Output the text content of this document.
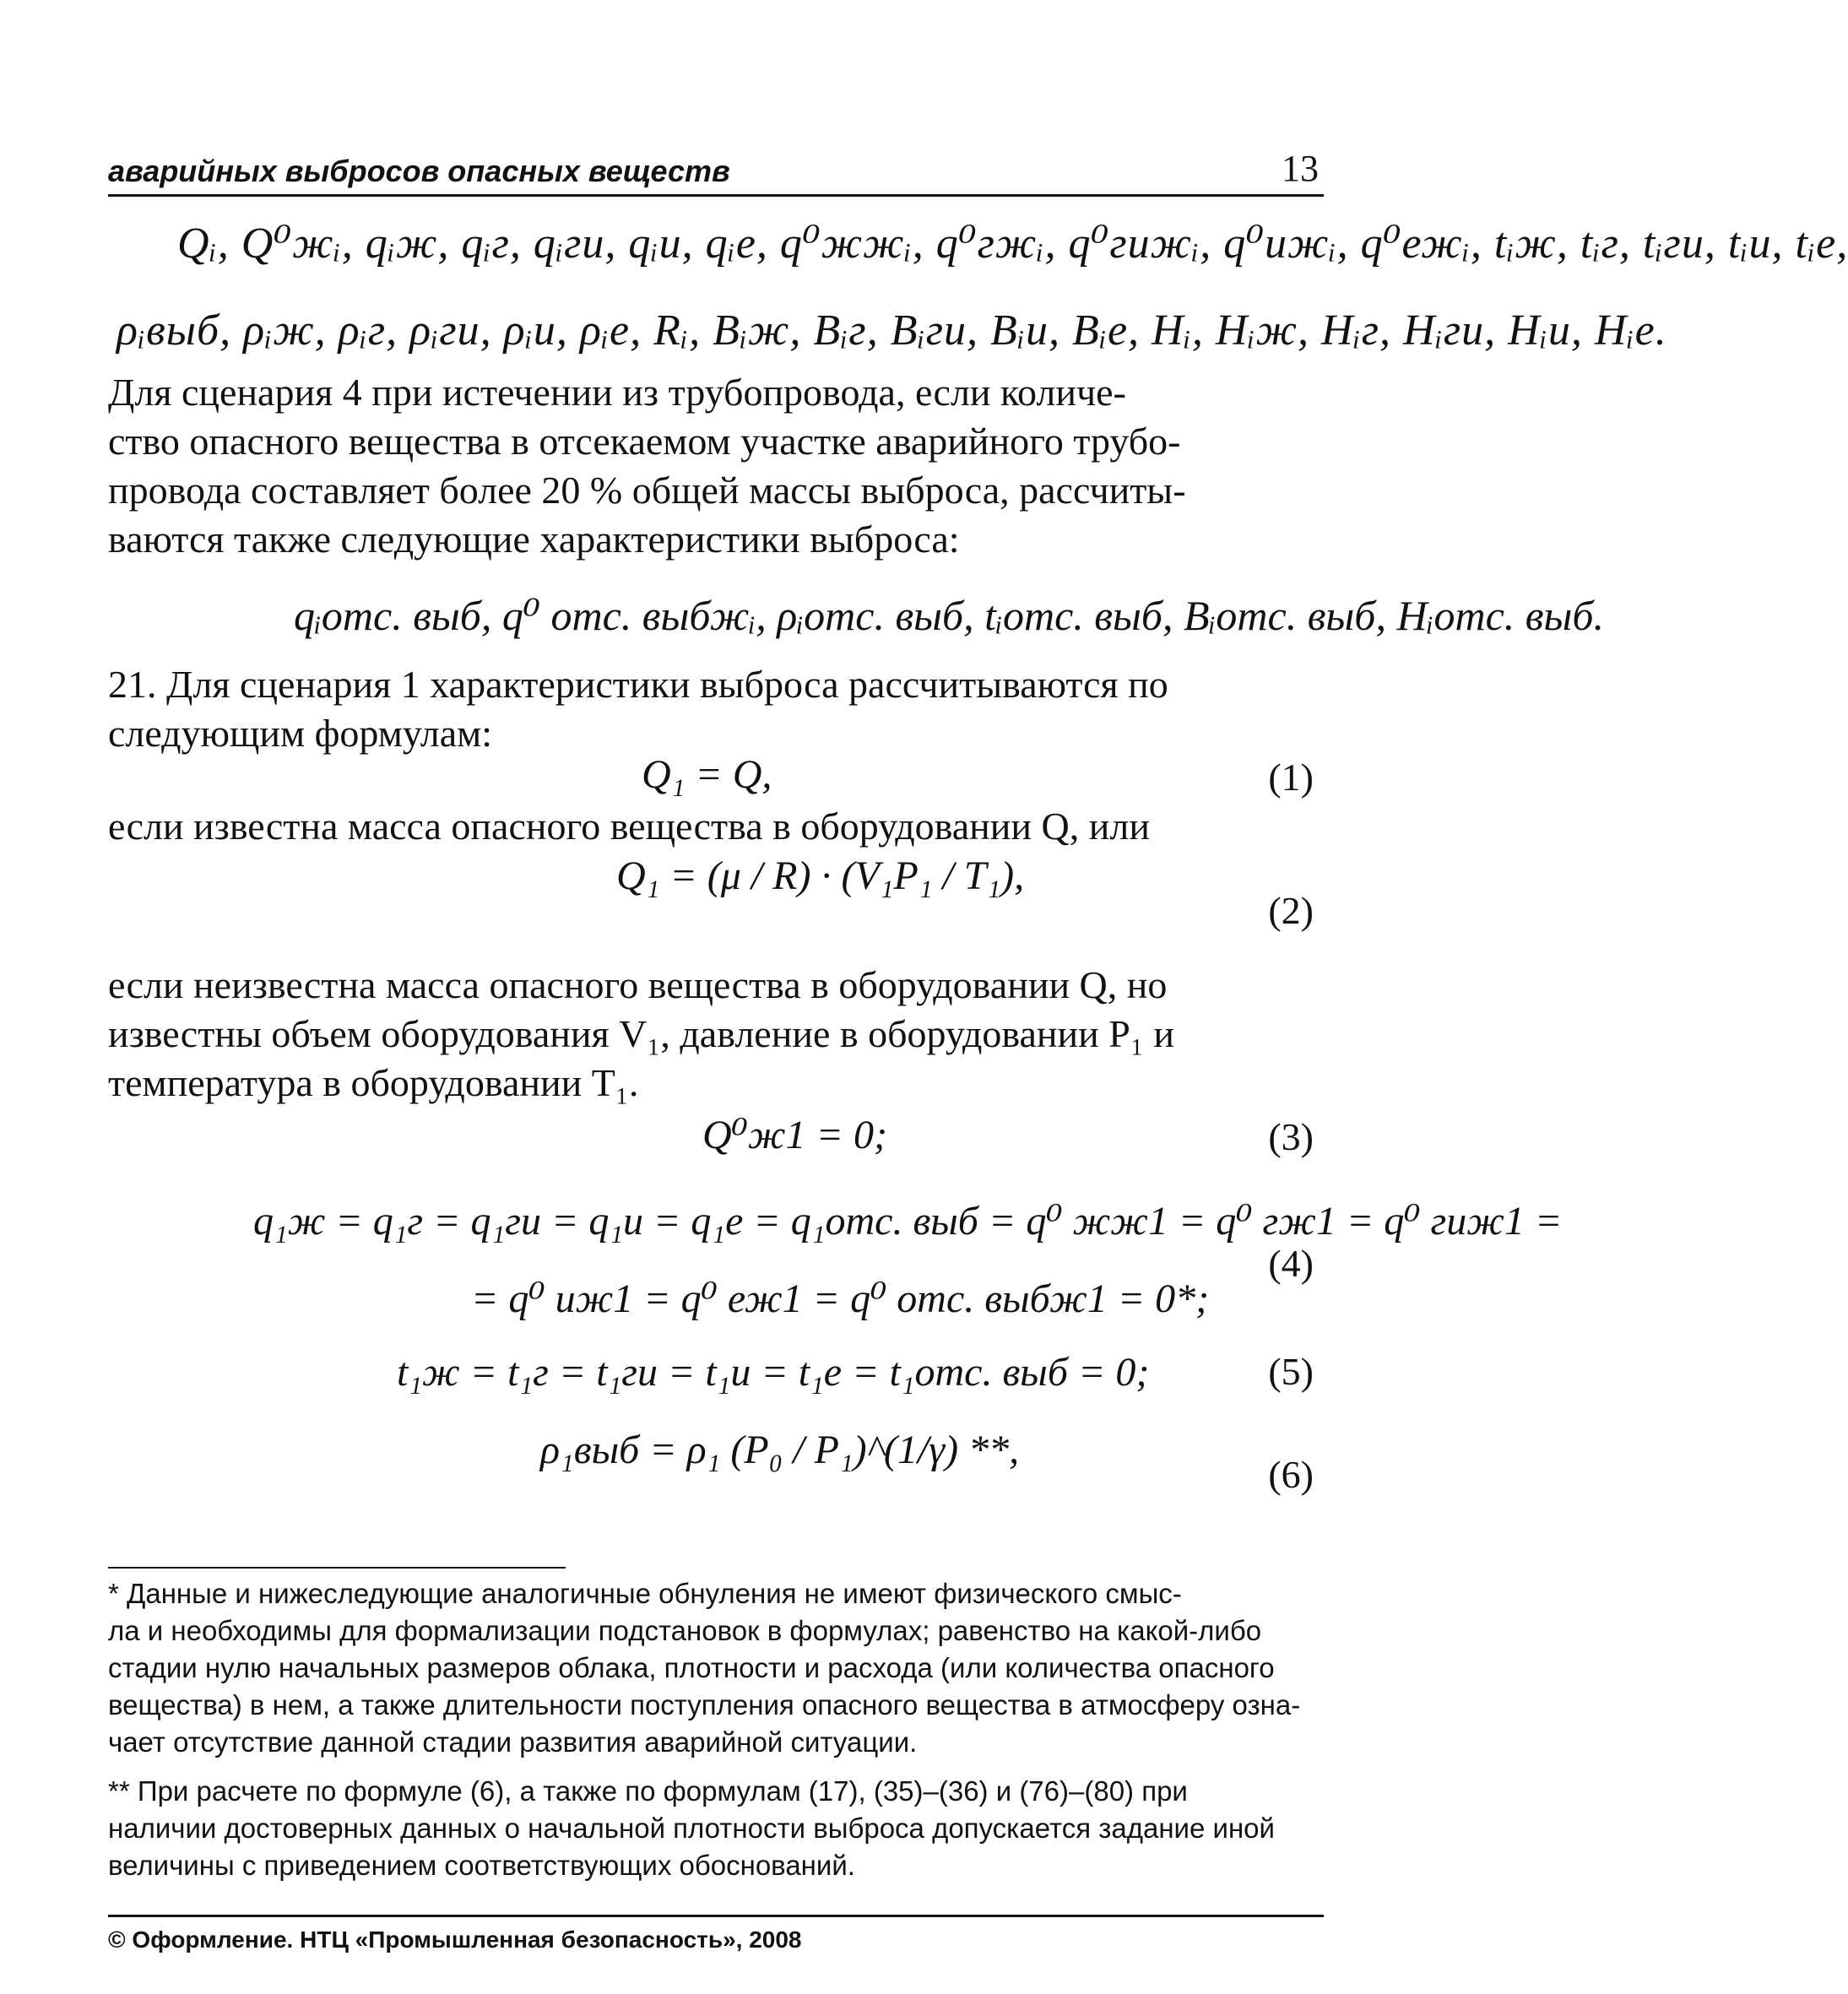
аварийных выбросов опасных веществ	13
Qᵢ, Q⁰жᵢ, qᵢж, qᵢг, qᵢги, qᵢи, qᵢе, q⁰жжᵢ, q⁰гжᵢ, q⁰гижᵢ, q⁰ижᵢ, q⁰ежᵢ, tᵢж, tᵢг, tᵢги, tᵢи, tᵢе,
ρᵢвыб, ρᵢж, ρᵢг, ρᵢги, ρᵢи, ρᵢе, Rᵢ, Bᵢж, Bᵢг, Bᵢги, Bᵢи, Bᵢе, Hᵢ, Hᵢж, Hᵢг, Hᵢги, Hᵢи, Hᵢе.
Для сценария 4 при истечении из трубопровода, если количе-
ство опасного вещества в отсекаемом участке аварийного трубо-
провода составляет более 20 % общей массы выброса, рассчиты-
ваются также следующие характеристики выброса:
qᵢотс. выб, q⁰ отс. выбжᵢ, ρᵢотс. выб, tᵢотс. выб, Bᵢотс. выб, Hᵢотс. выб.
21. Для сценария 1 характеристики выброса рассчитываются по
следующим формулам:
Q₁ = Q,	(1)
если известна масса опасного вещества в оборудовании Q, или
Q₁ = (μ / R) · (V₁P₁ / T₁),
(2)
если неизвестна масса опасного вещества в оборудовании Q, но
известны объем оборудования V₁, давление в оборудовании P₁ и
температура в оборудовании T₁.
Q⁰ж1 = 0;	(3)
q₁ж = q₁г = q₁ги = q₁и = q₁е = q₁отс. выб = q⁰ жж1 = q⁰ гж1 = q⁰ гиж1 =
= q⁰ иж1 = q⁰ еж1 = q⁰ отс. выбж1 = 0*;
(4)
t₁ж = t₁г = t₁ги = t₁и = t₁е = t₁отс. выб = 0;	(5)
ρ₁выб = ρ₁ (P₀ / P₁)^(1/γ) **,
(6)
* Данные и нижеследующие аналогичные обнуления не имеют физического смыс-
ла и необходимы для формализации подстановок в формулах; равенство на какой-либо
стадии нулю начальных размеров облака, плотности и расхода (или количества опасного
вещества) в нем, а также длительности поступления опасного вещества в атмосферу озна-
чает отсутствие данной стадии развития аварийной ситуации.
** При расчете по формуле (6), а также по формулам (17), (35)–(36) и (76)–(80) при
наличии достоверных данных о начальной плотности выброса допускается задание иной
величины с приведением соответствующих обоснований.
© Оформление. НТЦ «Промышленная безопасность», 2008
